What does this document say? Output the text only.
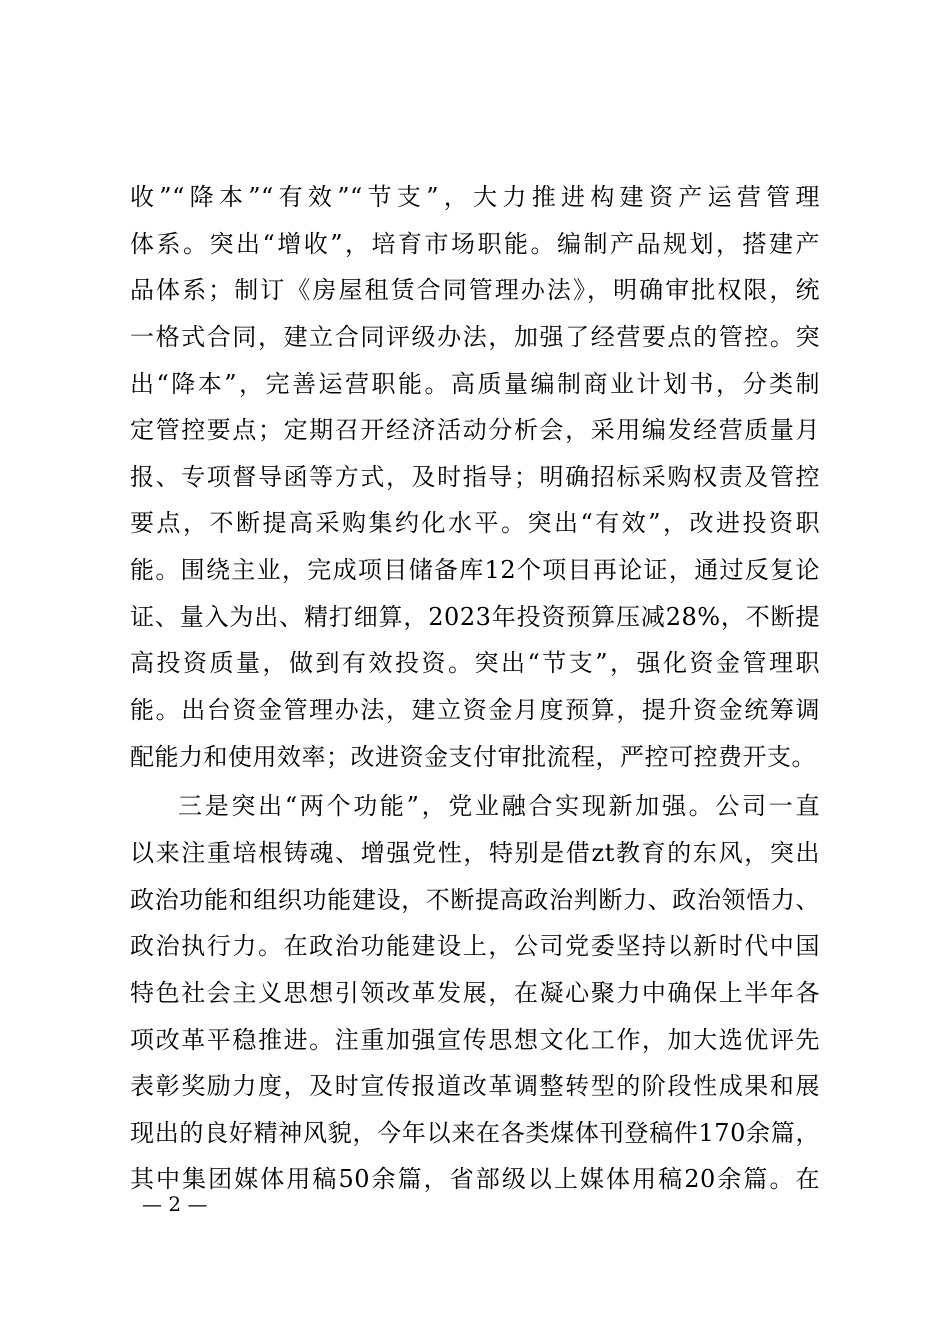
收”“降本”“有效”“节支”，大力推进构建资产运营管理
体系。突出“增收”，培育市场职能。编制产品规划，搭建产
品体系；制订《房屋租赁合同管理办法》，明确审批权限，统
一格式合同，建立合同评级办法，加强了经营要点的管控。突
出“降本”，完善运营职能。高质量编制商业计划书，分类制
定管控要点；定期召开经济活动分析会，采用编发经营质量月
报、专项督导函等方式，及时指导；明确招标采购权责及管控
要点，不断提高采购集约化水平。突出“有效”，改进投资职
能。围绕主业，完成项目储备库12个项目再论证，通过反复论
证、量入为出、精打细算，2023年投资预算压减28%，不断提
高投资质量，做到有效投资。突出“节支”，强化资金管理职
能。出台资金管理办法，建立资金月度预算，提升资金统筹调
配能力和使用效率；改进资金支付审批流程，严控可控费开支。
三是突出“两个功能”，党业融合实现新加强。公司一直
以来注重培根铸魂、增强党性，特别是借zt教育的东风，突出
政治功能和组织功能建设，不断提高政治判断力、政治领悟力、
政治执行力。在政治功能建设上，公司党委坚持以新时代中国
特色社会主义思想引领改革发展，在凝心聚力中确保上半年各
项改革平稳推进。注重加强宣传思想文化工作，加大选优评先
表彰奖励力度，及时宣传报道改革调整转型的阶段性成果和展
现出的良好精神风貌，今年以来在各类煤体刊登稿件170余篇，
其中集团媒体用稿50余篇，省部级以上媒体用稿20余篇。在
— 2 —
